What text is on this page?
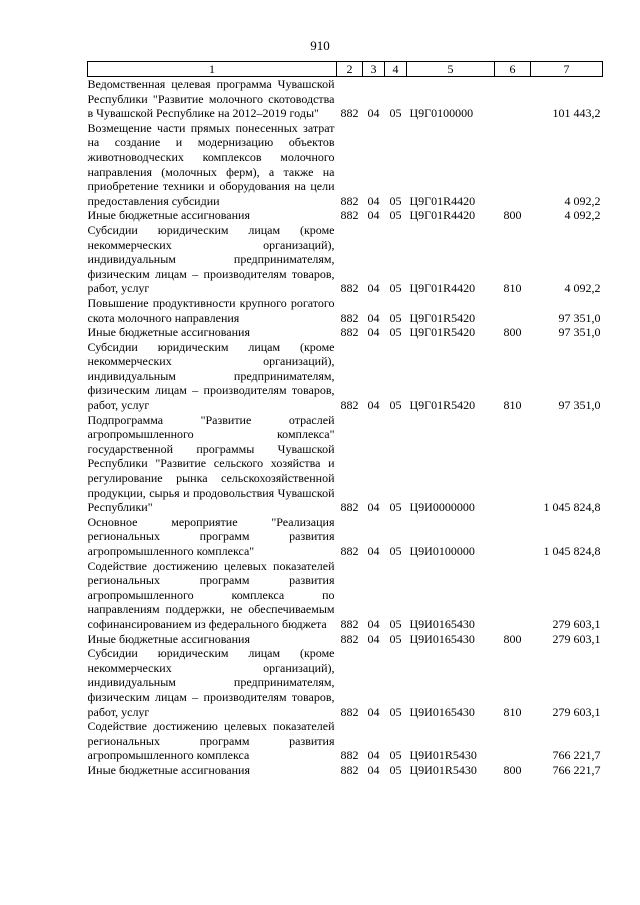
910
1	2	3	4	5	6	7
Ведомственная целевая программа Чувашской Республики "Развитие молочного скотоводства в Чувашской Республике на 2012–2019 годы"	882	04	05	Ц9Г0100000		101 443,2
Возмещение части прямых понесенных затрат на создание и модернизацию объектов животноводческих комплексов молочного направления (молочных ферм), а также на приобретение техники и оборудования на цели предоставления субсидии	882	04	05	Ц9Г01R4420		4 092,2
Иные бюджетные ассигнования	882	04	05	Ц9Г01R4420	800	4 092,2
Субсидии юридическим лицам (кроме некоммерческих организаций), индивидуальным предпринимателям, физическим лицам – производителям товаров, работ, услуг	882	04	05	Ц9Г01R4420	810	4 092,2
Повышение продуктивности крупного рогатого скота молочного направления	882	04	05	Ц9Г01R5420		97 351,0
Иные бюджетные ассигнования	882	04	05	Ц9Г01R5420	800	97 351,0
Субсидии юридическим лицам (кроме некоммерческих организаций), индивидуальным предпринимателям, физическим лицам – производителям товаров, работ, услуг	882	04	05	Ц9Г01R5420	810	97 351,0
Подпрограмма "Развитие отраслей агропромышленного комплекса" государственной программы Чувашской Республики "Развитие сельского хозяйства и регулирование рынка сельскохозяйственной продукции, сырья и продовольствия Чувашской Республики"	882	04	05	Ц9И0000000		1 045 824,8
Основное мероприятие "Реализация региональных программ развития агропромышленного комплекса"	882	04	05	Ц9И0100000		1 045 824,8
Содействие достижению целевых показателей региональных программ развития агропромышленного комплекса по направлениям поддержки, не обеспечиваемым софинансированием из федерального бюджета	882	04	05	Ц9И0165430		279 603,1
Иные бюджетные ассигнования	882	04	05	Ц9И0165430	800	279 603,1
Субсидии юридическим лицам (кроме некоммерческих организаций), индивидуальным предпринимателям, физическим лицам – производителям товаров, работ, услуг	882	04	05	Ц9И0165430	810	279 603,1
Содействие достижению целевых показателей региональных программ развития агропромышленного комплекса	882	04	05	Ц9И01R5430		766 221,7
Иные бюджетные ассигнования	882	04	05	Ц9И01R5430	800	766 221,7
